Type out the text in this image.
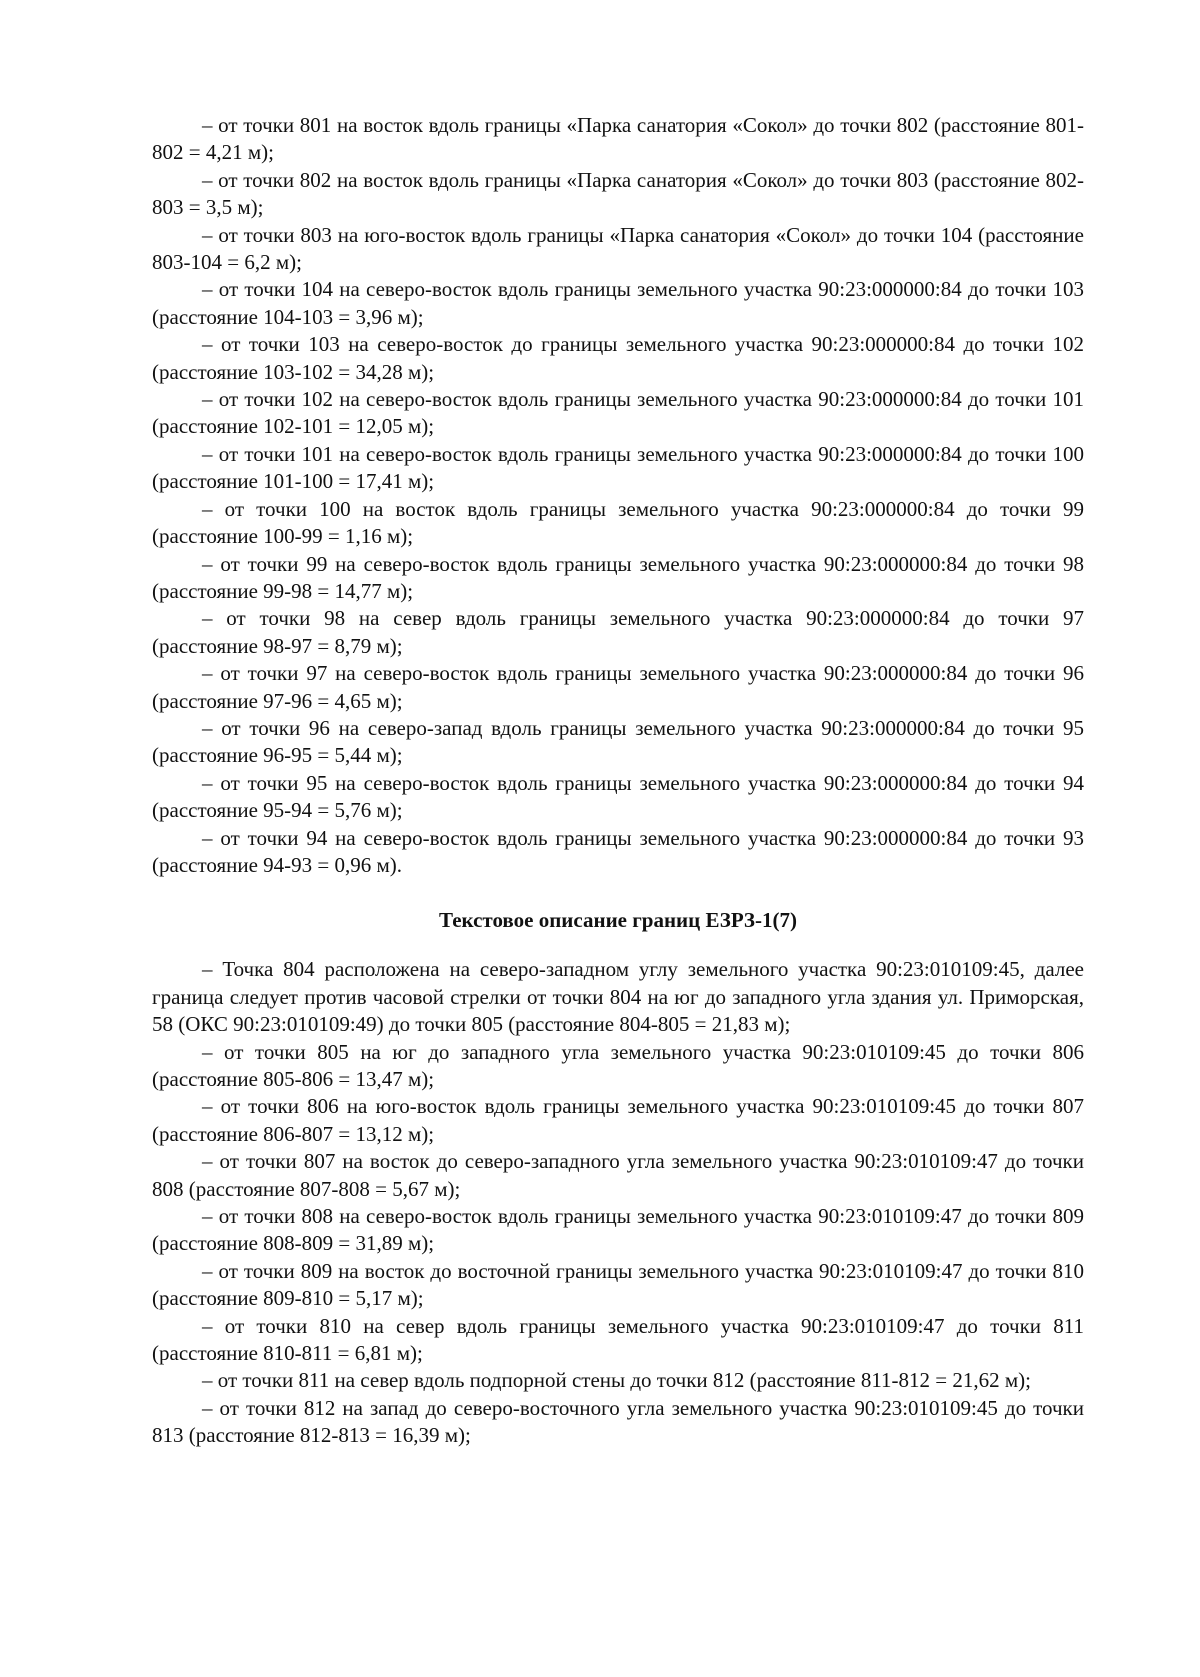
– от точки 801 на восток вдоль границы «Парка санатория «Сокол» до точки 802 (расстояние 801-802 = 4,21 м);

– от точки 802 на восток вдоль границы «Парка санатория «Сокол» до точки 803 (расстояние 802-803 = 3,5 м);

– от точки 803 на юго-восток вдоль границы «Парка санатория «Сокол» до точки 104 (расстояние 803-104 = 6,2 м);

– от точки 104 на северо-восток вдоль границы земельного участка 90:23:000000:84 до точки 103 (расстояние 104-103 = 3,96 м);

– от точки 103 на северо-восток до границы земельного участка 90:23:000000:84 до точки 102 (расстояние 103-102 = 34,28 м);

– от точки 102 на северо-восток вдоль границы земельного участка 90:23:000000:84 до точки 101 (расстояние 102-101 = 12,05 м);

– от точки 101 на северо-восток вдоль границы земельного участка 90:23:000000:84 до точки 100 (расстояние 101-100 = 17,41 м);

– от точки 100 на восток вдоль границы земельного участка 90:23:000000:84 до точки 99 (расстояние 100-99 = 1,16 м);

– от точки 99 на северо-восток вдоль границы земельного участка 90:23:000000:84 до точки 98 (расстояние 99-98 = 14,77 м);

– от точки 98 на север вдоль границы земельного участка 90:23:000000:84 до точки 97 (расстояние 98-97 = 8,79 м);

– от точки 97 на северо-восток вдоль границы земельного участка 90:23:000000:84 до точки 96 (расстояние 97-96 = 4,65 м);

– от точки 96 на северо-запад вдоль границы земельного участка 90:23:000000:84 до точки 95 (расстояние 96-95 = 5,44 м);

– от точки 95 на северо-восток вдоль границы земельного участка 90:23:000000:84 до точки 94 (расстояние 95-94 = 5,76 м);

– от точки 94 на северо-восток вдоль границы земельного участка 90:23:000000:84 до точки 93 (расстояние 94-93 = 0,96 м).

Текстовое описание границ ЕЗРЗ-1(7)

– Точка 804 расположена на северо-западном углу земельного участка 90:23:010109:45, далее граница следует против часовой стрелки от точки 804 на юг до западного угла здания ул. Приморская, 58 (ОКС 90:23:010109:49) до точки 805 (расстояние 804-805 = 21,83 м);

– от точки 805 на юг до западного угла земельного участка 90:23:010109:45 до точки 806 (расстояние 805-806 = 13,47 м);

– от точки 806 на юго-восток вдоль границы земельного участка 90:23:010109:45 до точки 807 (расстояние 806-807 = 13,12 м);

– от точки 807 на восток до северо-западного угла земельного участка 90:23:010109:47 до точки 808 (расстояние 807-808 = 5,67 м);

– от точки 808 на северо-восток вдоль границы земельного участка 90:23:010109:47 до точки 809 (расстояние 808-809 = 31,89 м);

– от точки 809 на восток до восточной границы земельного участка 90:23:010109:47 до точки 810 (расстояние 809-810 = 5,17 м);

– от точки 810 на север вдоль границы земельного участка 90:23:010109:47 до точки 811 (расстояние 810-811 = 6,81 м);

– от точки 811 на север вдоль подпорной стены до точки 812 (расстояние 811-812 = 21,62 м);

– от точки 812 на запад до северо-восточного угла земельного участка 90:23:010109:45 до точки 813 (расстояние 812-813 = 16,39 м);
